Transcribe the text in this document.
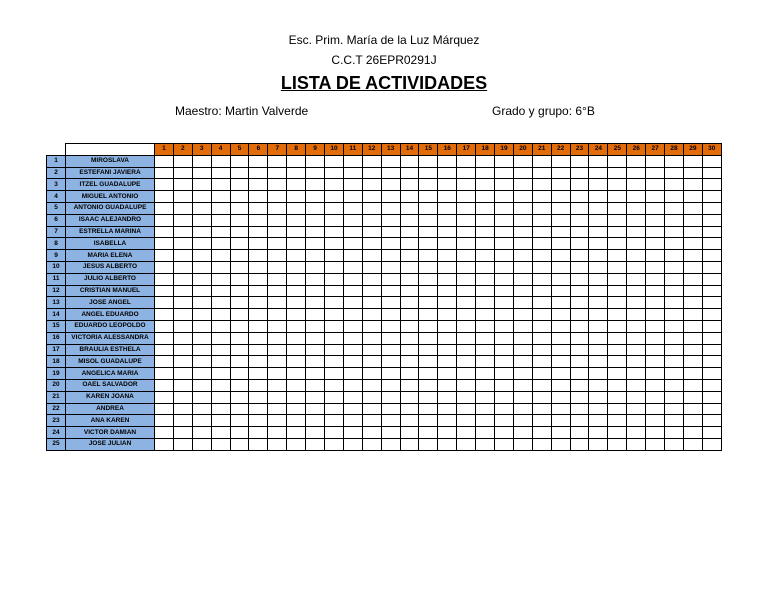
Esc. Prim. María de la Luz Márquez
C.C.T 26EPR0291J
LISTA DE ACTIVIDADES
Maestro: Martin Valverde	Grado y grupo: 6°B
		1	2	3	4	5	6	7	8	9	10	11	12	13	14	15	16	17	18	19	20	21	22	23	24	25	26	27	28	29	30
1	MIROSLAVA																														
2	ESTEFANI JAVIERA																														
3	ITZEL GUADALUPE																														
4	MIGUEL ANTONIO																														
5	ANTONIO GUADALUPE																														
6	ISAAC ALEJANDRO																														
7	ESTRELLA MARINA																														
8	ISABELLA																														
9	MARIA ELENA																														
10	JESUS ALBERTO																														
11	JULIO ALBERTO																														
12	CRISTIAN MANUEL																														
13	JOSE ANGEL																														
14	ANGEL EDUARDO																														
15	EDUARDO LEOPOLDO																														
16	VICTORIA ALESSANDRA																														
17	BRAULIA ESTHELA																														
18	MISOL GUADALUPE																														
19	ANGELICA MARIA																														
20	OAEL SALVADOR																														
21	KAREN JOANA																														
22	ANDREA																														
23	ANA KAREN																														
24	VICTOR DAMIAN																														
25	JOSE JULIAN																														
